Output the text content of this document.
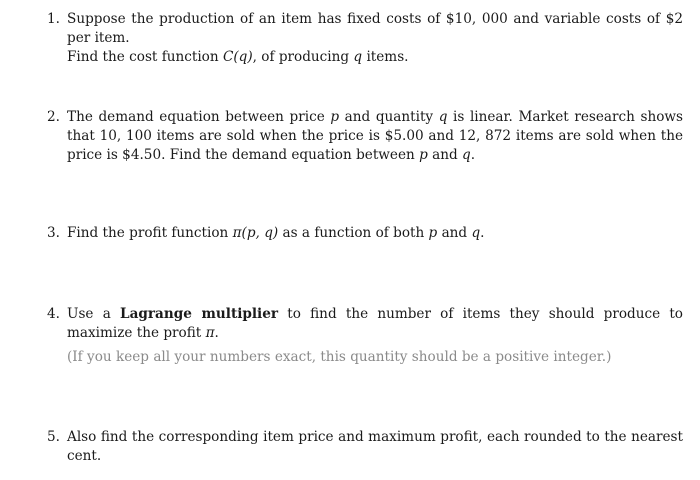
1. Suppose the production of an item has fixed costs of $10, 000 and variable costs of $2 per item.
Find the cost function C(q), of producing q items.
2. The demand equation between price p and quantity q is linear. Market research shows that 10, 100 items are sold when the price is $5.00 and 12, 872 items are sold when the price is $4.50. Find the demand equation between p and q.
3. Find the profit function π(p, q) as a function of both p and q.
4. Use a Lagrange multiplier to find the number of items they should produce to maximize the profit π.
(If you keep all your numbers exact, this quantity should be a positive integer.)
5. Also find the corresponding item price and maximum profit, each rounded to the nearest cent.
